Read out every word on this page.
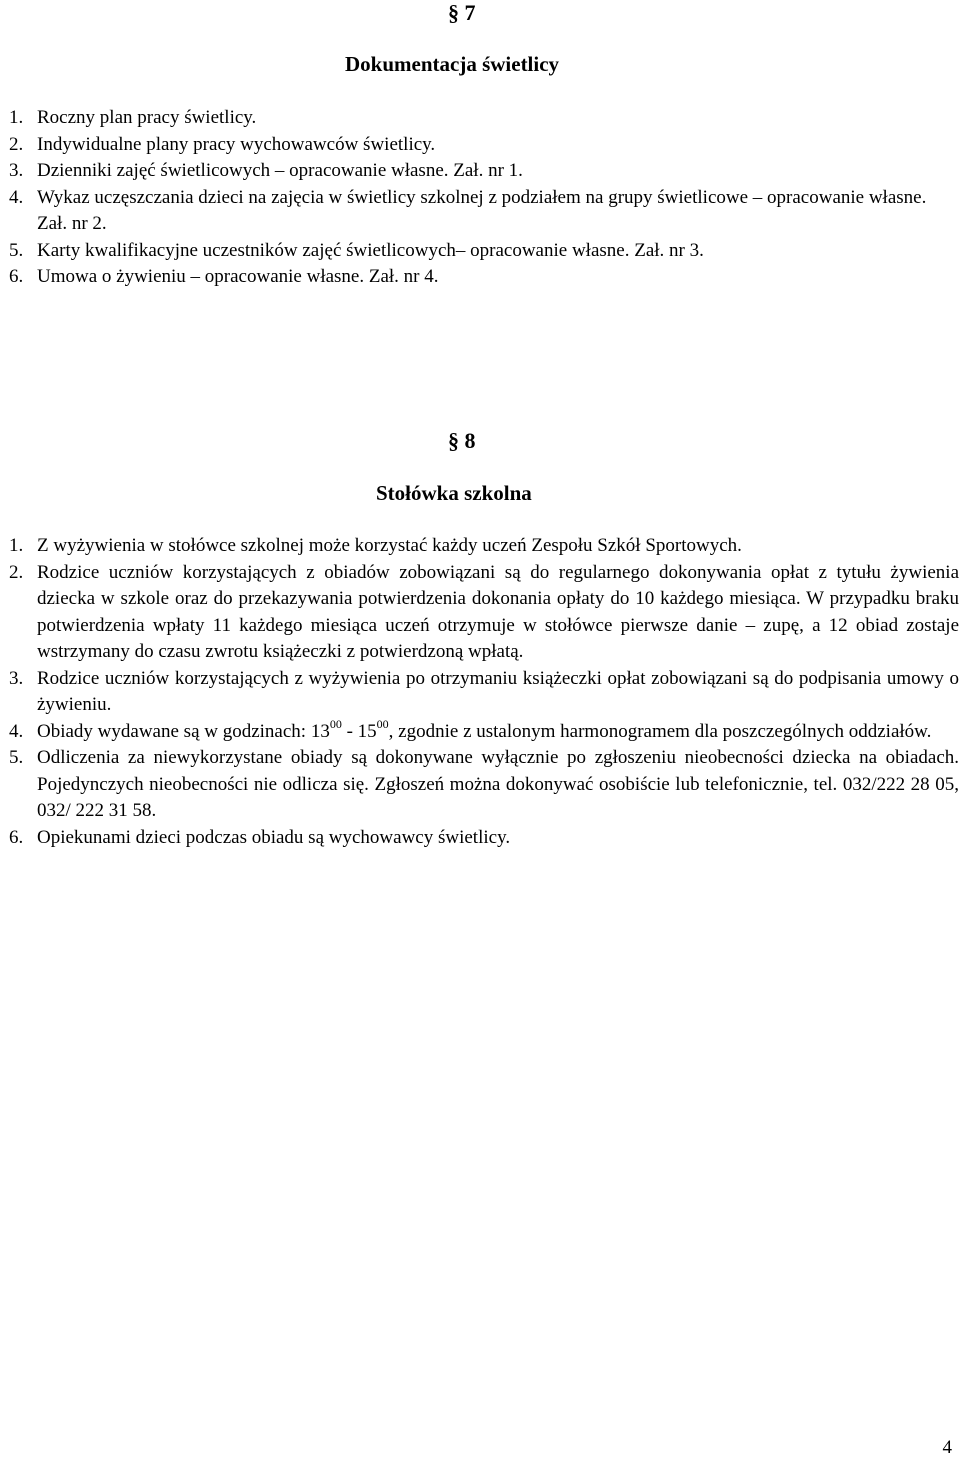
§ 7
Dokumentacja świetlicy
1. Roczny plan pracy świetlicy.
2. Indywidualne plany pracy wychowawców świetlicy.
3. Dzienniki zajęć świetlicowych – opracowanie własne. Zał. nr 1.
4. Wykaz uczęszczania dzieci na zajęcia w świetlicy szkolnej z podziałem na grupy świetlicowe – opracowanie własne. Zał. nr 2.
5. Karty kwalifikacyjne uczestników zajęć świetlicowych– opracowanie własne. Zał. nr 3.
6. Umowa o żywieniu – opracowanie własne. Zał. nr 4.
§ 8
Stołówka szkolna
1. Z wyżywienia w stołówce szkolnej może korzystać każdy uczeń Zespołu Szkół Sportowych.
2. Rodzice uczniów korzystających z obiadów zobowiązani są do regularnego dokonywania opłat z tytułu żywienia dziecka w szkole oraz do przekazywania potwierdzenia dokonania opłaty do 10 każdego miesiąca. W przypadku braku potwierdzenia wpłaty 11 każdego miesiąca uczeń otrzymuje w stołówce pierwsze danie – zupę, a 12 obiad zostaje wstrzymany do czasu zwrotu książeczki z potwierdzoną wpłatą.
3. Rodzice uczniów korzystających z wyżywienia po otrzymaniu książeczki opłat zobowiązani są do podpisania umowy o żywieniu.
4. Obiady wydawane są w godzinach: $13^{00} - 15^{00}$, zgodnie z ustalonym harmonogramem dla poszczególnych oddziałów.
5. Odliczenia za niewykorzystane obiady są dokonywane wyłącznie po zgłoszeniu nieobecności dziecka na obiadach. Pojedynczych nieobecności nie odlicza się. Zgłoszeń można dokonywać osobiście lub telefonicznie, tel. 032/222 28 05, 032/ 222 31 58.
6. Opiekunami dzieci podczas obiadu są wychowawcy świetlicy.
4
